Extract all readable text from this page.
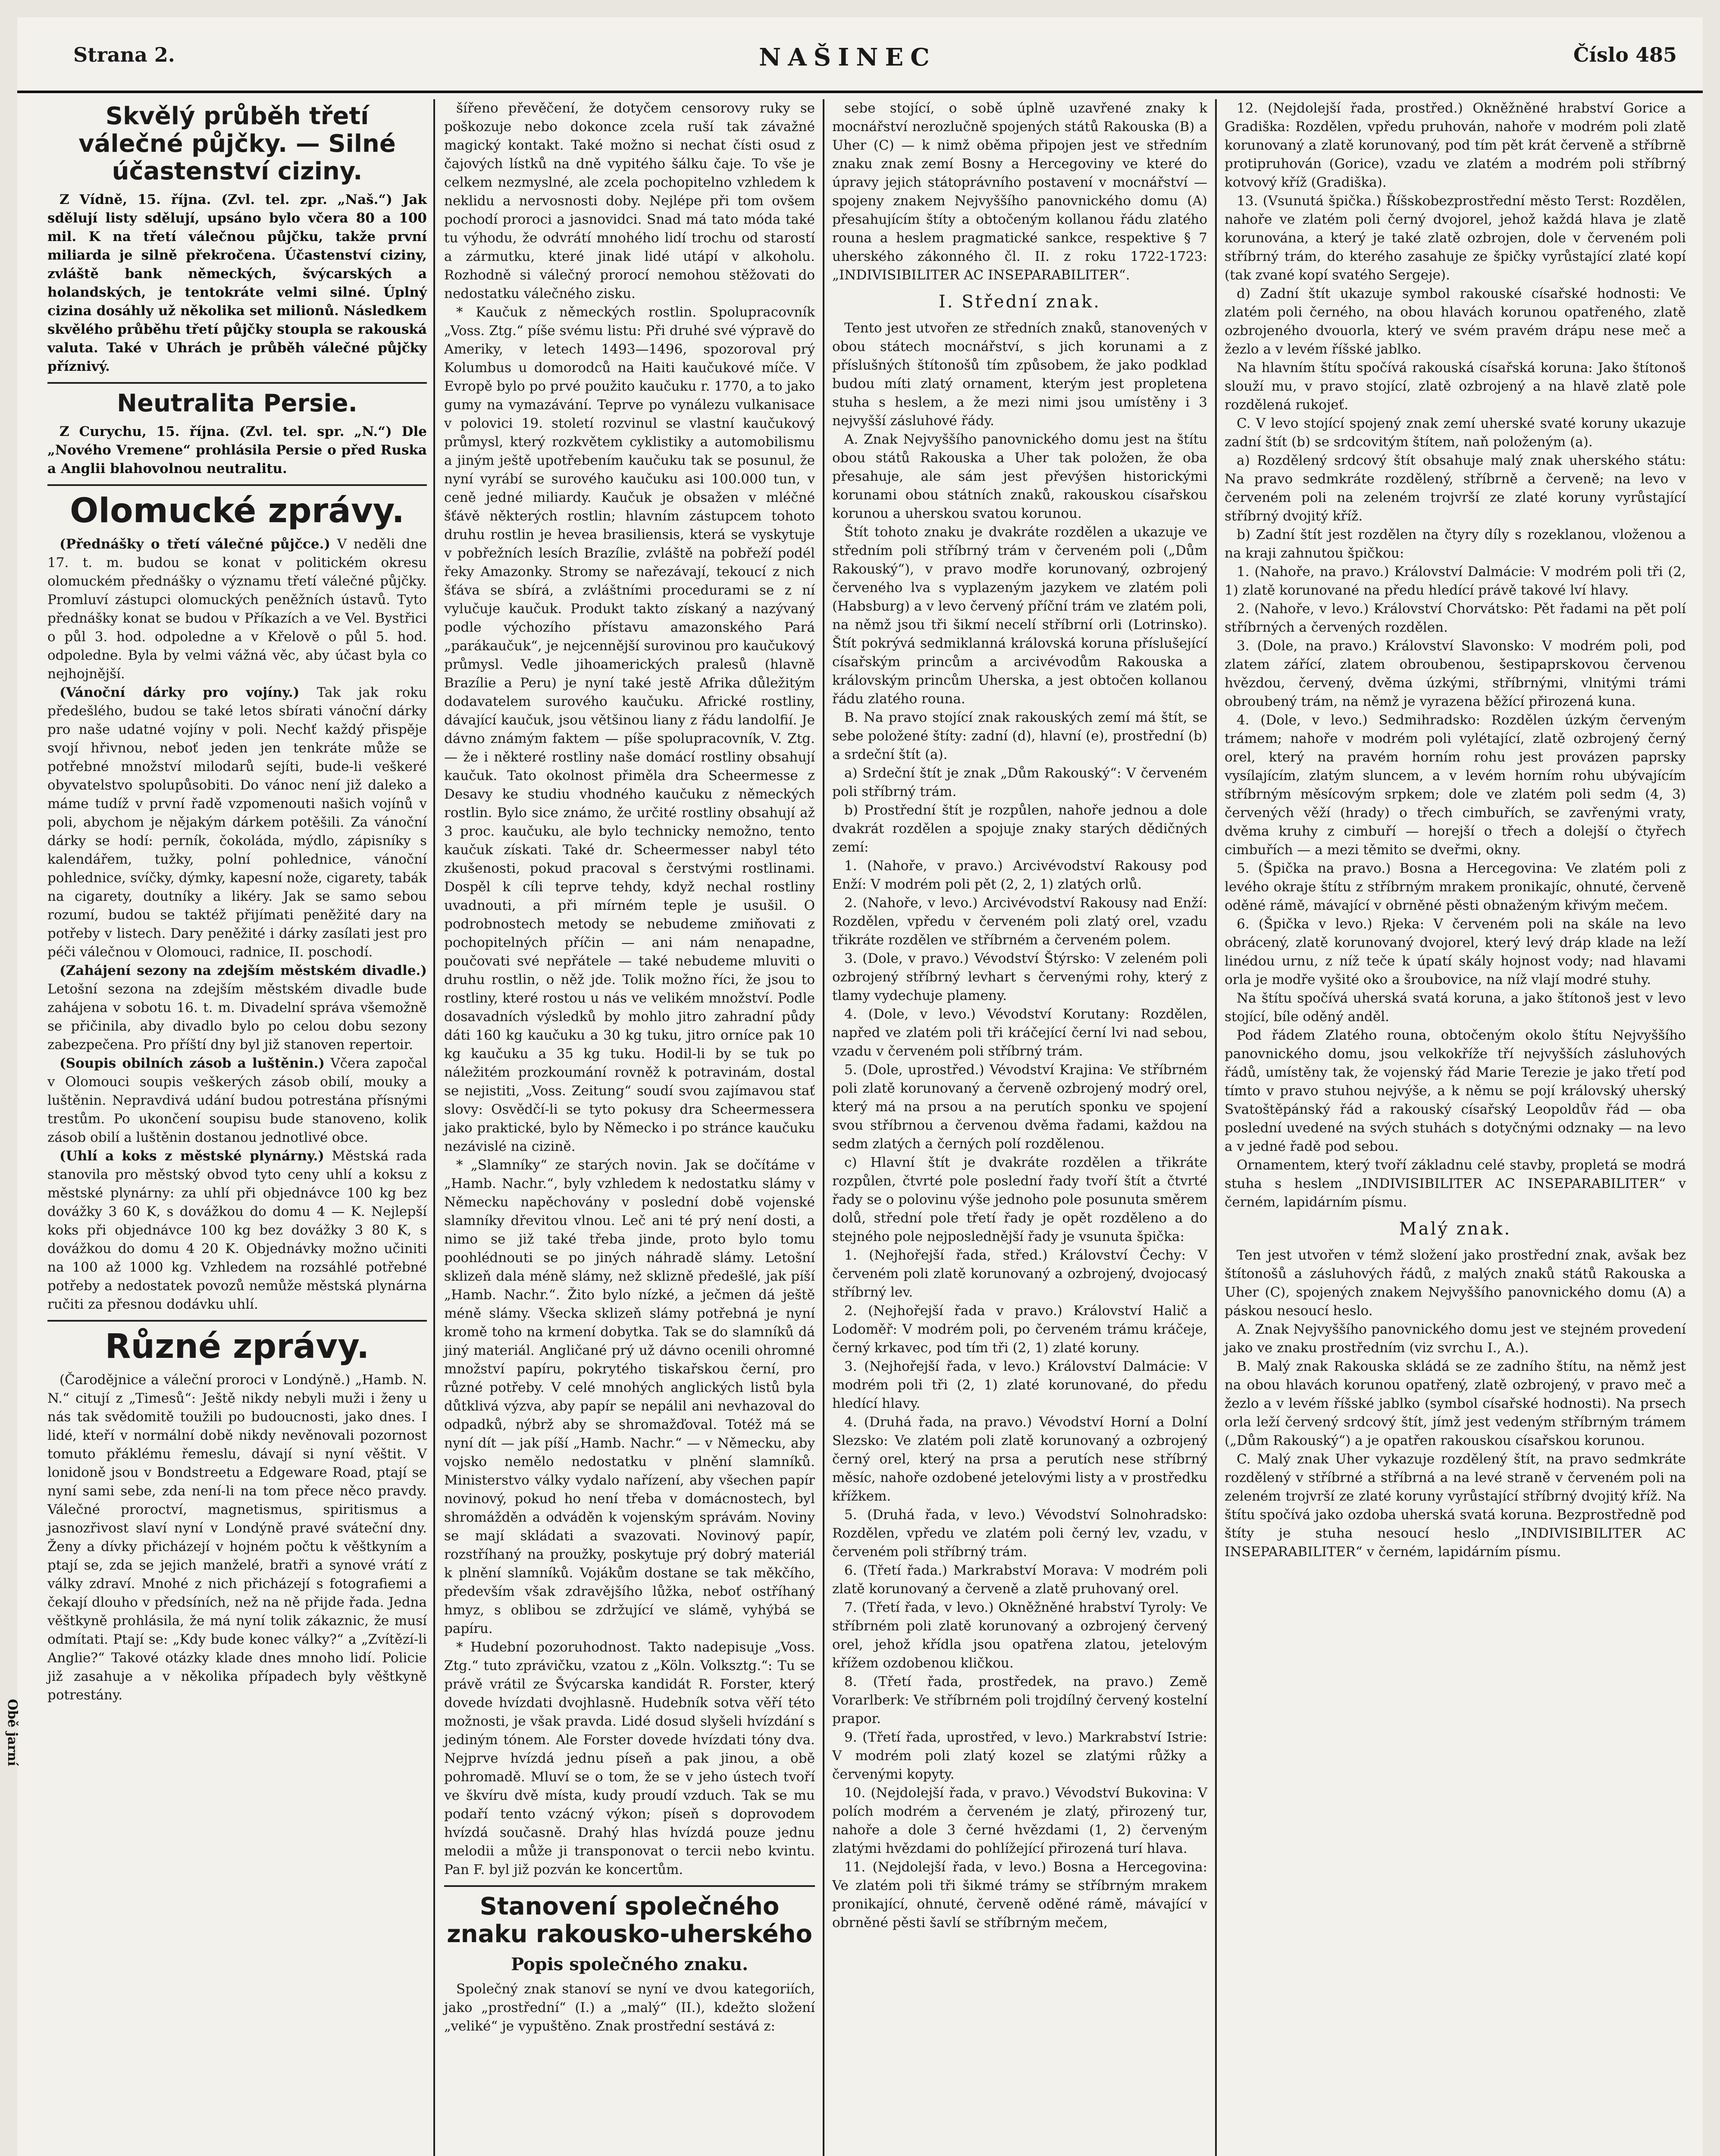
Strana 2.	NAŠINEC	Číslo 485
Skvělý průběh třetí
válečné půjčky. — Silné
účastenství ciziny.

Z Vídně, 15. října. (Zvl. tel. zpr. „Naš.“) Jak sdělují listy sdělují, upsáno bylo včera 80 a 100 mil. K na třetí válečnou půjčku, takže první miliarda je silně překročena. Účastenství ciziny, zvláště bank německých, švýcarských a holandských, je tentokráte velmi silné. Úplný cizina dosáhly už několika set milionů. Následkem skvělého průběhu třetí půjčky stoupla se rakouská valuta. Také v Uhrách je průběh válečné půjčky příznivý.

Neutralita Persie.

Z Curychu, 15. října. (Zvl. tel. spr. „N.“) Dle „Nového Vremene“ prohlásila Persie o před Ruska a Anglii blahovolnou neutralitu.

Olomucké zprávy.

(Přednášky o třetí válečné půjčce.) V neděli dne 17. t. m. budou se konat v politickém okresu olomuckém přednášky o významu třetí válečné půjčky. Promluví zástupci olomuckých peněžních ústavů. Tyto přednášky konat se budou v Příkazích a ve Vel. Bystřici o půl 3. hod. odpoledne a v Křelově o půl 5. hod. odpoledne. Byla by velmi vážná věc, aby účast byla co nejhojnější.

(Vánoční dárky pro vojíny.) Tak jak roku předešlého, budou se také letos sbírati vánoční dárky pro naše udatné vojíny v poli. Nechť každý přispěje svojí hřivnou, neboť jeden jen tenkráte může se potřebné množství milodarů sejíti, bude-li veškeré obyvatelstvo spolupůsobiti. Do vánoc není již daleko a máme tudíž v první řadě vzpomenouti našich vojínů v poli, abychom je nějakým dárkem potěšili. Za vánoční dárky se hodí: perník, čokoláda, mýdlo, zápisníky s kalendářem, tužky, polní pohlednice, vánoční pohlednice, svíčky, dýmky, kapesní nože, cigarety, tabák na cigarety, doutníky a likéry. Jak se samo sebou rozumí, budou se taktéž přijímati peněžité dary na potřeby v listech. Dary peněžité i dárky zasílati jest pro péči válečnou v Olomouci, radnice, II. poschodí.

(Zahájení sezony na zdejším městském divadle.) Letošní sezona na zdejším městském divadle bude zahájena v sobotu 16. t. m. Divadelní správa všemožně se přičinila, aby divadlo bylo po celou dobu sezony zabezpečena. Pro příští dny byl již stanoven repertoir.

(Soupis obilních zásob a luštěnin.) Včera započal v Olomouci soupis veškerých zásob obilí, mouky a luštěnin. Nepravdivá udání budou potrestána přísnými trestům. Po ukončení soupisu bude stanoveno, kolik zásob obilí a luštěnin dostanou jednotlivé obce.

(Uhlí a koks z městské plynárny.) Městská rada stanovila pro městský obvod tyto ceny uhlí a koksu z městské plynárny: za uhlí při objednávce 100 kg bez dovážky 3 60 K, s dovážkou do domu 4 — K. Nejlepší koks při objednávce 100 kg bez dovážky 3 80 K, s dovážkou do domu 4 20 K. Objednávky možno učiniti na 100 až 1000 kg. Vzhledem na rozsáhlé potřebné potřeby a nedostatek povozů nemůže městská plynárna ručiti za přesnou dodávku uhlí.

Různé zprávy.

(Čarodějnice a váleční proroci v Londýně.) „Hamb. N. N.“ citují z „Timesů“: Ještě nikdy nebyli muži i ženy u nás tak svědomitě toužili po budoucnosti, jako dnes. I lidé, kteří v normální době nikdy nevěnovali pozornost tomuto přáklému řemeslu, dávají si nyní věštit. V lonidoně jsou v Bondstreetu a Edgeware Road, ptají se nyní sami sebe, zda není-li na tom přece něco pravdy. Válečné proroctví, magnetismus, spiritismus a jasnozřivost slaví nyní v Londýně pravé sváteční dny. Ženy a dívky přicházejí v hojném počtu k věštkyním a ptají se, zda se jejich manželé, bratři a synové vrátí z války zdraví. Mnohé z nich přicházejí s fotografiemi a čekají dlouho v předsíních, než na ně přijde řada. Jedna věštkyně prohlásila, že má nyní tolik zákaznic, že musí odmítati. Ptají se: „Kdy bude konec války?“ a „Zvítězí-li Anglie?“ Takové otázky klade dnes mnoho lidí. Policie již zasahuje a v několika případech byly věštkyně potrestány.

šířeno převěčení, že dotyčem censorovy ruky se poškozuje nebo dokonce zcela ruší tak závažné magický kontakt. Také možno si nechat čísti osud z čajových lístků na dně vypitého šálku čaje. To vše je celkem nezmyslné, ale zcela pochopitelno vzhledem k neklidu a nervosnosti doby. Nejlépe při tom ovšem pochodí proroci a jasnovidci. Snad má tato móda také tu výhodu, že odvrátí mnohého lidí trochu od starostí a zármutku, které jinak lidé utápí v alkoholu. Rozhodně si válečný prorocí nemohou stěžovati do nedostatku válečného zisku.

* Kaučuk z německých rostlin. Spolupracovník „Voss. Ztg.“ píše svému listu: Při druhé své výpravě do Ameriky, v letech 1493—1496, spozoroval prý Kolumbus u domorodců na Haiti kaučukové míče. V Evropě bylo po prvé použito kaučuku r. 1770, a to jako gumy na vymazávání. Teprve po vynálezu vulkanisace v polovici 19. století rozvinul se vlastní kaučukový průmysl, který rozkvětem cyklistiky a automobilismu a jiným ještě upotřebením kaučuku tak se posunul, že nyní vyrábí se surového kaučuku asi 100.000 tun, v ceně jedné miliardy. Kaučuk je obsažen v mléčné šťávě některých rostlin; hlavním zástupcem tohoto druhu rostlin je hevea brasiliensis, která se vyskytuje v pobřežních lesích Brazílie, zvláště na pobřeží podél řeky Amazonky. Stromy se nařezávají, tekoucí z nich šťáva se sbírá, a zvláštními procedurami se z ní vylučuje kaučuk. Produkt takto získaný a nazývaný podle výchozího přístavu amazonského Pará „parákaučuk“, je nejcennější surovinou pro kaučukový průmysl. Vedle jihoamerických pralesů (hlavně Brazílie a Peru) je nyní také jestě Afrika důležitým dodavatelem surového kaučuku. Africké rostliny, dávající kaučuk, jsou většinou liany z řádu landolfií. Je dávno známým faktem — píše spolupracovník, V. Ztg. — že i některé rostliny naše domácí rostliny obsahují kaučuk. Tato okolnost přiměla dra Scheermesse z Desavy ke studiu vhodného kaučuku z německých rostlin. Bylo sice známo, že určité rostliny obsahují až 3 proc. kaučuku, ale bylo technicky nemožno, tento kaučuk získati. Také dr. Scheermesser nabyl této zkušenosti, pokud pracoval s čerstvými rostlinami. Dospěl k cíli teprve tehdy, když nechal rostliny uvadnouti, a při mírném teple je usušil. O podrobnostech metody se nebudeme zmiňovati z pochopitelných příčin — ani nám nenapadne, poučovati své nepřátele — také nebudeme mluviti o druhu rostlin, o něž jde. Tolik možno říci, že jsou to rostliny, které rostou u nás ve velikém množství. Podle dosavadních výsledků by mohlo jitro zahradní půdy dáti 160 kg kaučuku a 30 kg tuku, jitro orníce pak 10 kg kaučuku a 35 kg tuku. Hodil-li by se tuk po náležitém prozkoumání rovněž k potravinám, dostal se nejistiti, „Voss. Zeitung“ soudí svou zajímavou stať slovy: Osvědčí-li se tyto pokusy dra Scheermessera jako praktické, bylo by Německo i po stránce kaučuku nezávislé na cizině.

* „Slamníky“ ze starých novin. Jak se dočítáme v „Hamb. Nachr.“, byly vzhledem k nedostatku slámy v Německu napěchovány v poslední době vojenské slamníky dřevitou vlnou. Leč ani té prý není dosti, a nimo se již také třeba jinde, proto bylo tomu poohlédnouti se po jiných náhradě slámy. Letošní sklizeň dala méně slámy, než sklizně předešlé, jak píší „Hamb. Nachr.“. Žito bylo nízké, a ječmen dá ještě méně slámy. Všecka sklizeň slámy potřebná je nyní kromě toho na krmení dobytka. Tak se do slamníků dá jiný materiál. Angličané prý už dávno ocenili ohromné množství papíru, pokrytého tiskařskou černí, pro různé potřeby. V celé mnohých anglických listů byla důtklivá výzva, aby papír se nepálil ani nevhazoval do odpadků, nýbrž aby se shromažďoval. Totéž má se nyní dít — jak píší „Hamb. Nachr.“ — v Německu, aby vojsko nemělo nedostatku v plnění slamníků. Ministerstvo války vydalo nařízení, aby všechen papír novinový, pokud ho není třeba v domácnostech, byl shromážděn a odváděn k vojenským správám. Noviny se mají skládati a svazovati. Novinový papír, rozstříhaný na proužky, poskytuje prý dobrý materiál k plnění slamníků. Vojákům dostane se tak měkčího, především však zdravějšího lůžka, neboť ostříhaný hmyz, s oblibou se zdržující ve slámě, vyhýbá se papíru.

* Hudební pozoruhodnost. Takto nadepisuje „Voss. Ztg.“ tuto zprávičku, vzatou z „Köln. Volksztg.“: Tu se právě vrátil ze Švýcarska kandidát R. Forster, který dovede hvízdati dvojhlasně. Hudebník sotva věří této možnosti, je však pravda. Lidé dosud slyšeli hvízdání s jediným tónem. Ale Forster dovede hvízdati tóny dva. Nejprve hvízdá jednu píseň a pak jinou, a obě pohromadě. Mluví se o tom, že se v jeho ústech tvoří ve škvíru dvě místa, kudy proudí vzduch. Tak se mu podaří tento vzácný výkon; píseň s doprovodem hvízdá současně. Drahý hlas hvízdá pouze jednu melodii a může ji transponovat o tercii nebo kvintu. Pan F. byl již pozván ke koncertům.

Stanovení společného
znaku rakousko-uherského
Popis společného znaku.

Společný znak stanoví se nyní ve dvou kategoriích, jako „prostřední“ (I.) a „malý“ (II.), kdežto složení „veliké“ je vypuštěno. Znak prostřední sestává z:

sebe stojící, o sobě úplně uzavřené znaky k mocnářství nerozlučně spojených států Rakouska (B) a Uher (C) — k nimž oběma připojen jest ve středním znaku znak zemí Bosny a Hercegoviny ve které do úpravy jejich státoprávního postavení v mocnářství — spojeny znakem Nejvyššího panovnického domu (A) přesahujícím štíty a obtočeným kollanou řádu zlatého rouna a heslem pragmatické sankce, respektive § 7 uherského zákonného čl. II. z roku 1722-1723: „INDIVISIBILITER AC INSEPARABILITER“.

I. Střední znak.

Tento jest utvořen ze středních znaků, stanovených v obou státech mocnářství, s jich korunami a z příslušných štítonošů tím způsobem, že jako podklad budou míti zlatý ornament, kterým jest propletena stuha s heslem, a že mezi nimi jsou umístěny i 3 nejvyšší zásluhové řády.

A. Znak Nejvyššího panovnického domu jest na štítu obou států Rakouska a Uher tak položen, že oba přesahuje, ale sám jest převýšen historickými korunami obou státních znaků, rakouskou císařskou korunou a uherskou svatou korunou.

Štít tohoto znaku je dvakráte rozdělen a ukazuje ve středním poli stříbrný trám v červeném poli („Dům Rakouský“), v pravo modře korunovaný, ozbrojený červeného lva s vyplazeným jazykem ve zlatém poli (Habsburg) a v levo červený příční trám ve zlatém poli, na němž jsou tři šikmí necelí stříbrní orli (Lotrinsko). Štít pokrývá sedmiklanná královská koruna příslušející císařským princům a arcivévodům Rakouska a královským princům Uherska, a jest obtočen kollanou řádu zlatého rouna.

B. Na pravo stojící znak rakouských zemí má štít, se sebe položené štíty: zadní (d), hlavní (e), prostřední (b) a srdeční štít (a).

a) Srdeční štít je znak „Dům Rakouský“: V červeném poli stříbrný trám.

b) Prostřední štít je rozpůlen, nahoře jednou a dole dvakrát rozdělen a spojuje znaky starých dědičných zemí:

1. (Nahoře, v pravo.) Arcivévodství Rakousy pod Enží: V modrém poli pět (2, 2, 1) zlatých orlů.

2. (Nahoře, v levo.) Arcivévodství Rakousy nad Enží: Rozdělen, vpředu v červeném poli zlatý orel, vzadu třikráte rozdělen ve stříbrném a červeném polem.

3. (Dole, v pravo.) Vévodství Štýrsko: V zeleném poli ozbrojený stříbrný levhart s červenými rohy, který z tlamy vydechuje plameny.

4. (Dole, v levo.) Vévodství Korutany: Rozdělen, napřed ve zlatém poli tři kráčející černí lvi nad sebou, vzadu v červeném poli stříbrný trám.

5. (Dole, uprostřed.) Vévodství Krajina: Ve stříbrném poli zlatě korunovaný a červeně ozbrojený modrý orel, který má na prsou a na perutích sponku ve spojení svou stříbrnou a červenou dvěma řadami, každou na sedm zlatých a černých polí rozdělenou.

c) Hlavní štít je dvakráte rozdělen a třikráte rozpůlen, čtvrté pole poslední řady tvoří štít a čtvrté řady se o polovinu výše jednoho pole posunuta směrem dolů, střední pole třetí řady je opět rozděleno a do stejného pole nejposlednější řady je vsunuta špička:

1. (Nejhořejší řada, střed.) Království Čechy: V červeném poli zlatě korunovaný a ozbrojený, dvojocasý stříbrný lev.

2. (Nejhořejší řada v pravo.) Království Halič a Lodoměř: V modrém poli, po červeném trámu kráčeje, černý krkavec, pod tím tři (2, 1) zlaté koruny.

3. (Nejhořejší řada, v levo.) Království Dalmácie: V modrém poli tři (2, 1) zlaté korunované, do předu hledící hlavy.

4. (Druhá řada, na pravo.) Vévodství Horní a Dolní Slezsko: Ve zlatém poli zlatě korunovaný a ozbrojený černý orel, který na prsa a perutích nese stříbrný měsíc, nahoře ozdobené jetelovými listy a v prostředku křížkem.

5. (Druhá řada, v levo.) Vévodství Solnohradsko: Rozdělen, vpředu ve zlatém poli černý lev, vzadu, v červeném poli stříbrný trám.

6. (Třetí řada.) Markrabství Morava: V modrém poli zlatě korunovaný a červeně a zlatě pruhovaný orel.

7. (Třetí řada, v levo.) Okněžněné hrabství Tyroly: Ve stříbrném poli zlatě korunovaný a ozbrojený červený orel, jehož křídla jsou opatřena zlatou, jetelovým křížem ozdobenou kličkou.

8. (Třetí řada, prostředek, na pravo.) Země Vorarlberk: Ve stříbrném poli trojdílný červený kostelní prapor.

9. (Třetí řada, uprostřed, v levo.) Markrabství Istrie: V modrém poli zlatý kozel se zlatými růžky a červenými kopyty.

10. (Nejdolejší řada, v pravo.) Vévodství Bukovina: V polích modrém a červeném je zlatý, přirozený tur, nahoře a dole 3 černé hvězdami (1, 2) červeným zlatými hvězdami do pohlížející přirozená turí hlava.

11. (Nejdolejší řada, v levo.) Bosna a Hercegovina: Ve zlatém poli tři šikmé trámy se stříbrným mrakem pronikající, ohnuté, červeně oděné rámě, mávající v obrněné pěsti šavlí se stříbrným mečem,

12. (Nejdolejší řada, prostřed.) Okněžněné hrabství Gorice a Gradiška: Rozdělen, vpředu pruhován, nahoře v modrém poli zlatě korunovaný a zlatě korunovaný, pod tím pět krát červeně a stříbrně protipruhován (Gorice), vzadu ve zlatém a modrém poli stříbrný kotvový kříž (Gradiška).

13. (Vsunutá špička.) Říšskobezprostřední město Terst: Rozdělen, nahoře ve zlatém poli černý dvojorel, jehož každá hlava je zlatě korunována, a který je také zlatě ozbrojen, dole v červeném poli stříbrný trám, do kterého zasahuje ze špičky vyrůstající zlaté kopí (tak zvané kopí svatého Sergeje).

d) Zadní štít ukazuje symbol rakouské císařské hodnosti: Ve zlatém poli černého, na obou hlavách korunou opatřeného, zlatě ozbrojeného dvouorla, který ve svém pravém drápu nese meč a žezlo a v levém říšské jablko.

Na hlavním štítu spočívá rakouská císařská koruna: Jako štítonoš slouží mu, v pravo stojící, zlatě ozbrojený a na hlavě zlatě pole rozdělená rukojeť.

C. V levo stojící spojený znak zemí uherské svaté koruny ukazuje zadní štít (b) se srdcovitým štítem, naň položeným (a).

a) Rozdělený srdcový štít obsahuje malý znak uherského státu: Na pravo sedmkráte rozdělený, stříbrně a červeně; na levo v červeném poli na zeleném trojvrší ze zlaté koruny vyrůstající stříbrný dvojitý kříž.

b) Zadní štít jest rozdělen na čtyry díly s rozeklanou, vloženou a na kraji zahnutou špičkou:

1. (Nahoře, na pravo.) Království Dalmácie: V modrém poli tři (2, 1) zlatě korunované na předu hledící právě takové lví hlavy.

2. (Nahoře, v levo.) Království Chorvátsko: Pět řadami na pět polí stříbrných a červených rozdělen.

3. (Dole, na pravo.) Království Slavonsko: V modrém poli, pod zlatem zářící, zlatem obroubenou, šestipaprskovou červenou hvězdou, červený, dvěma úzkými, stříbrnými, vlnitými trámi obroubený trám, na němž je vyrazena běžící přirozená kuna.

4. (Dole, v levo.) Sedmihradsko: Rozdělen úzkým červeným trámem; nahoře v modrém poli vylétající, zlatě ozbrojený černý orel, který na pravém horním rohu jest provázen paprsky vysílajícím, zlatým sluncem, a v levém horním rohu ubývajícím stříbrným měsícovým srpkem; dole ve zlatém poli sedm (4, 3) červených věží (hrady) o třech cimbuřích, se zavřenými vraty, dvěma kruhy z cimbuří — horejší o třech a dolejší o čtyřech cimbuřích — a mezi těmito se dveřmi, okny.

5. (Špička na pravo.) Bosna a Hercegovina: Ve zlatém poli z levého okraje štítu z stříbrným mrakem pronikajíc, ohnuté, červeně oděné rámě, mávající v obrněné pěsti obnaženým křivým mečem.

6. (Špička v levo.) Rjeka: V červeném poli na skále na levo obrácený, zlatě korunovaný dvojorel, který levý dráp klade na leží linédou urnu, z níž teče k úpatí skály hojnost vody; nad hlavami orla je modře vyšité oko a šroubovice, na níž vlají modré stuhy.

Na štítu spočívá uherská svatá koruna, a jako štítonoš jest v levo stojící, bíle oděný anděl.

Pod řádem Zlatého rouna, obtočeným okolo štítu Nejvyššího panovnického domu, jsou velkokříže tří nejvyšších zásluhových řádů, umístěny tak, že vojenský řád Marie Terezie je jako třetí pod tímto v pravo stuhou nejvýše, a k němu se pojí královský uherský Svatoštěpánský řád a rakouský císařský Leopoldův řád — oba poslední uvedené na svých stuhách s dotyčnými odznaky — na levo a v jedné řadě pod sebou.

Ornamentem, který tvoří základnu celé stavby, propletá se modrá stuha s heslem „INDIVISIBILITER AC INSEPARABILITER“ v černém, lapidárním písmu.

Malý znak.

Ten jest utvořen v témž složení jako prostřední znak, avšak bez štítonošů a zásluhových řádů, z malých znaků států Rakouska a Uher (C), spojených znakem Nejvyššího panovnického domu (A) a páskou nesoucí heslo.

A. Znak Nejvyššího panovnického domu jest ve stejném provedení jako ve znaku prostředním (viz svrchu I., A.).

B. Malý znak Rakouska skládá se ze zadního štítu, na němž jest na obou hlavách korunou opatřený, zlatě ozbrojený, v pravo meč a žezlo a v levém říšské jablko (symbol císařské hodnosti). Na prsech orla leží červený srdcový štít, jímž jest vedeným stříbrným trámem („Dům Rakouský“) a je opatřen rakouskou císařskou korunou.

C. Malý znak Uher vykazuje rozdělený štít, na pravo sedmkráte rozdělený v stříbrné a stříbrná a na levé straně v červeném poli na zeleném trojvrší ze zlaté koruny vyrůstající stříbrný dvojitý kříž. Na štítu spočívá jako ozdoba uherská svatá koruna. Bezprostředně pod štíty je stuha nesoucí heslo „INDIVISIBILITER AC INSEPARABILITER“ v černém, lapidárním písmu.

Obě jarní
